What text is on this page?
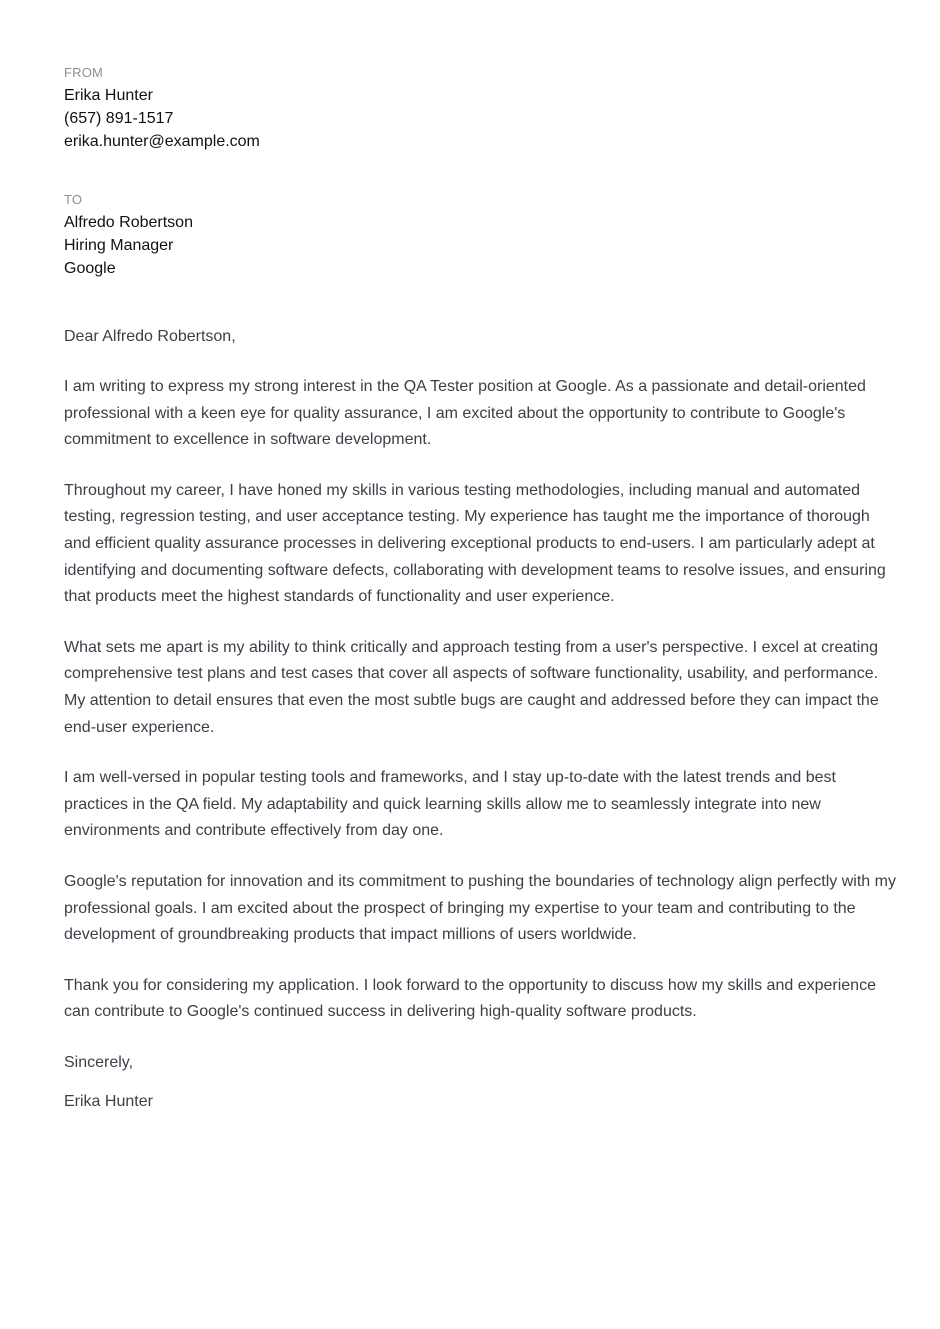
FROM
Erika Hunter
(657) 891-1517
erika.hunter@example.com
TO
Alfredo Robertson
Hiring Manager
Google
Dear Alfredo Robertson,
I am writing to express my strong interest in the QA Tester position at Google. As a passionate and detail-oriented professional with a keen eye for quality assurance, I am excited about the opportunity to contribute to Google's commitment to excellence in software development.
Throughout my career, I have honed my skills in various testing methodologies, including manual and automated testing, regression testing, and user acceptance testing. My experience has taught me the importance of thorough and efficient quality assurance processes in delivering exceptional products to end-users. I am particularly adept at identifying and documenting software defects, collaborating with development teams to resolve issues, and ensuring that products meet the highest standards of functionality and user experience.
What sets me apart is my ability to think critically and approach testing from a user's perspective. I excel at creating comprehensive test plans and test cases that cover all aspects of software functionality, usability, and performance. My attention to detail ensures that even the most subtle bugs are caught and addressed before they can impact the end-user experience.
I am well-versed in popular testing tools and frameworks, and I stay up-to-date with the latest trends and best practices in the QA field. My adaptability and quick learning skills allow me to seamlessly integrate into new environments and contribute effectively from day one.
Google's reputation for innovation and its commitment to pushing the boundaries of technology align perfectly with my professional goals. I am excited about the prospect of bringing my expertise to your team and contributing to the development of groundbreaking products that impact millions of users worldwide.
Thank you for considering my application. I look forward to the opportunity to discuss how my skills and experience can contribute to Google's continued success in delivering high-quality software products.
Sincerely,
Erika Hunter
